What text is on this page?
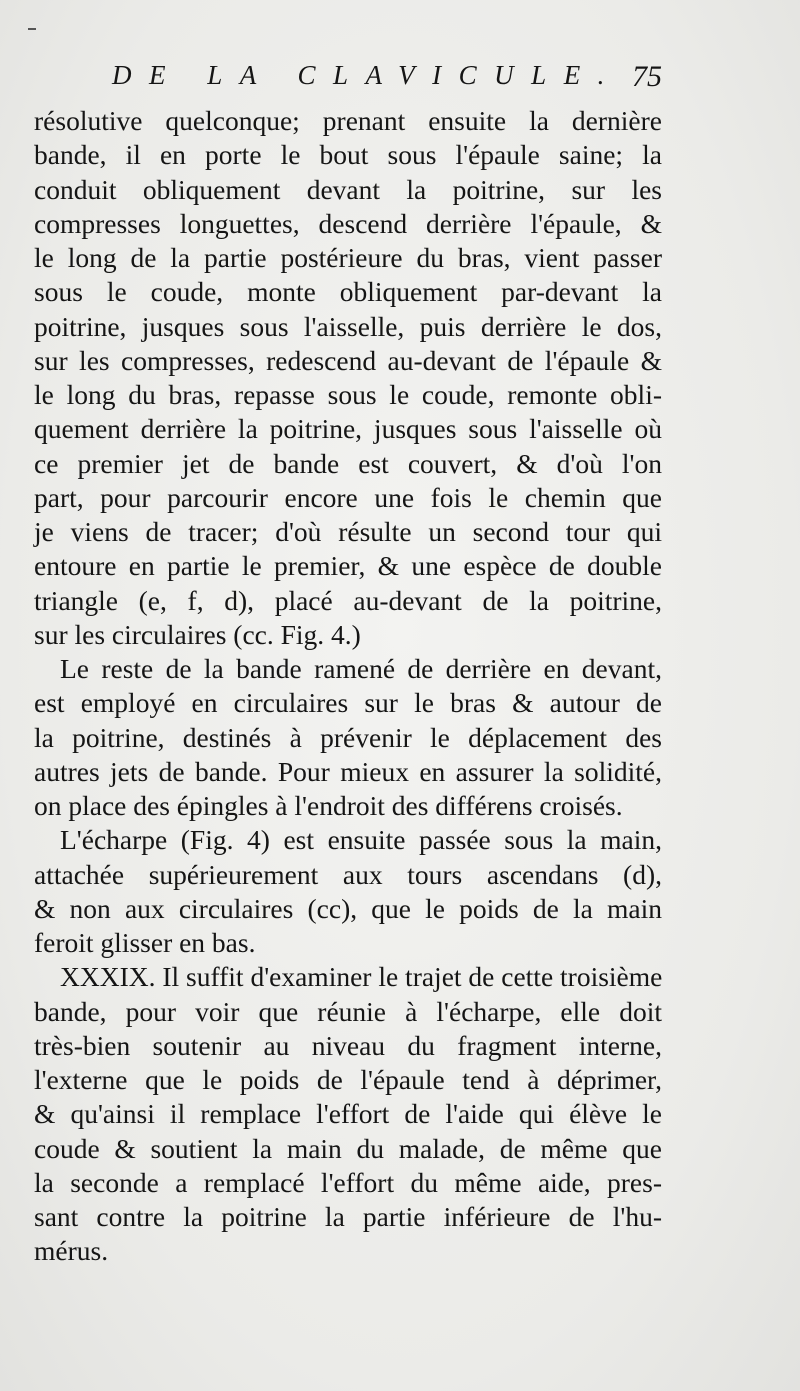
DE LA CLAVICULE. 75
résolutive quelconque; prenant ensuite la dernière
bande, il en porte le bout sous l'épaule saine; la
conduit obliquement devant la poitrine, sur les
compresses longuettes, descend derrière l'épaule, &
le long de la partie postérieure du bras, vient passer
sous le coude, monte obliquement par-devant la
poitrine, jusques sous l'aisselle, puis derrière le dos,
sur les compresses, redescend au-devant de l'épaule &
le long du bras, repasse sous le coude, remonte obli-
quement derrière la poitrine, jusques sous l'aisselle où
ce premier jet de bande est couvert, & d'où l'on
part, pour parcourir encore une fois le chemin que
je viens de tracer; d'où résulte un second tour qui
entoure en partie le premier, & une espèce de double
triangle (e, f, d), placé au-devant de la poitrine,
sur les circulaires (cc. Fig. 4.)
Le reste de la bande ramené de derrière en devant,
est employé en circulaires sur le bras & autour de
la poitrine, destinés à prévenir le déplacement des
autres jets de bande. Pour mieux en assurer la solidité,
on place des épingles à l'endroit des différens croisés.
L'écharpe (Fig. 4) est ensuite passée sous la main,
attachée supérieurement aux tours ascendans (d),
& non aux circulaires (cc), que le poids de la main
feroit glisser en bas.
XXXIX. Il suffit d'examiner le trajet de cette troisième
bande, pour voir que réunie à l'écharpe, elle doit
très-bien soutenir au niveau du fragment interne,
l'externe que le poids de l'épaule tend à déprimer,
& qu'ainsi il remplace l'effort de l'aide qui élève le
coude & soutient la main du malade, de même que
la seconde a remplacé l'effort du même aide, pres-
sant contre la poitrine la partie inférieure de l'hu-
mérus.
